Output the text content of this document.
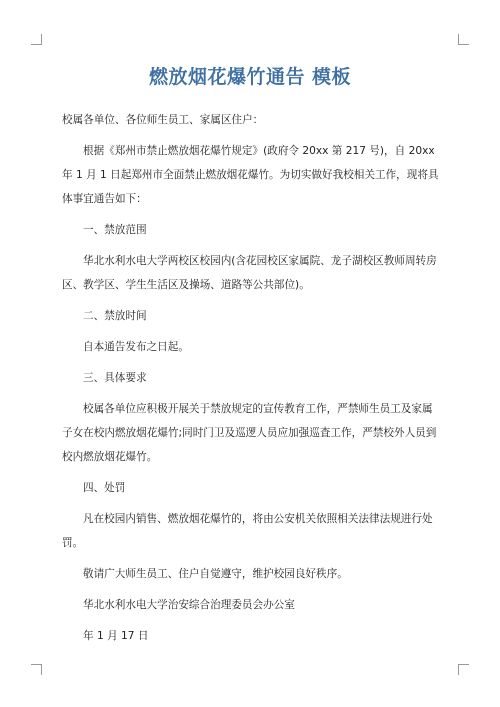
燃放烟花爆竹通告 模板

校属各单位、各位师生员工、家属区住户：

根据《郑州市禁止燃放烟花爆竹规定》(政府令 20xx 第 217 号)，自 20xx 年 1 月 1 日起郑州市全面禁止燃放烟花爆竹。为切实做好我校相关工作，现将具体事宜通告如下：

一、禁放范围

华北水利水电大学两校区校园内(含花园校区家属院、龙子湖校区教师周转房区、教学区、学生生活区及操场、道路等公共部位)。

二、禁放时间

自本通告发布之日起。

三、具体要求

校属各单位应积极开展关于禁放规定的宣传教育工作，严禁师生员工及家属子女在校内燃放烟花爆竹;同时门卫及巡逻人员应加强巡査工作，严禁校外人员到校内燃放烟花爆竹。

四、处罚

凡在校园内销售、燃放烟花爆竹的，将由公安机关依照相关法律法规进行处罚。

敬请广大师生员工、住户自觉遵守，维护校园良好秩序。

华北水利水电大学治安综合治理委员会办公室

年 1 月 17 日
